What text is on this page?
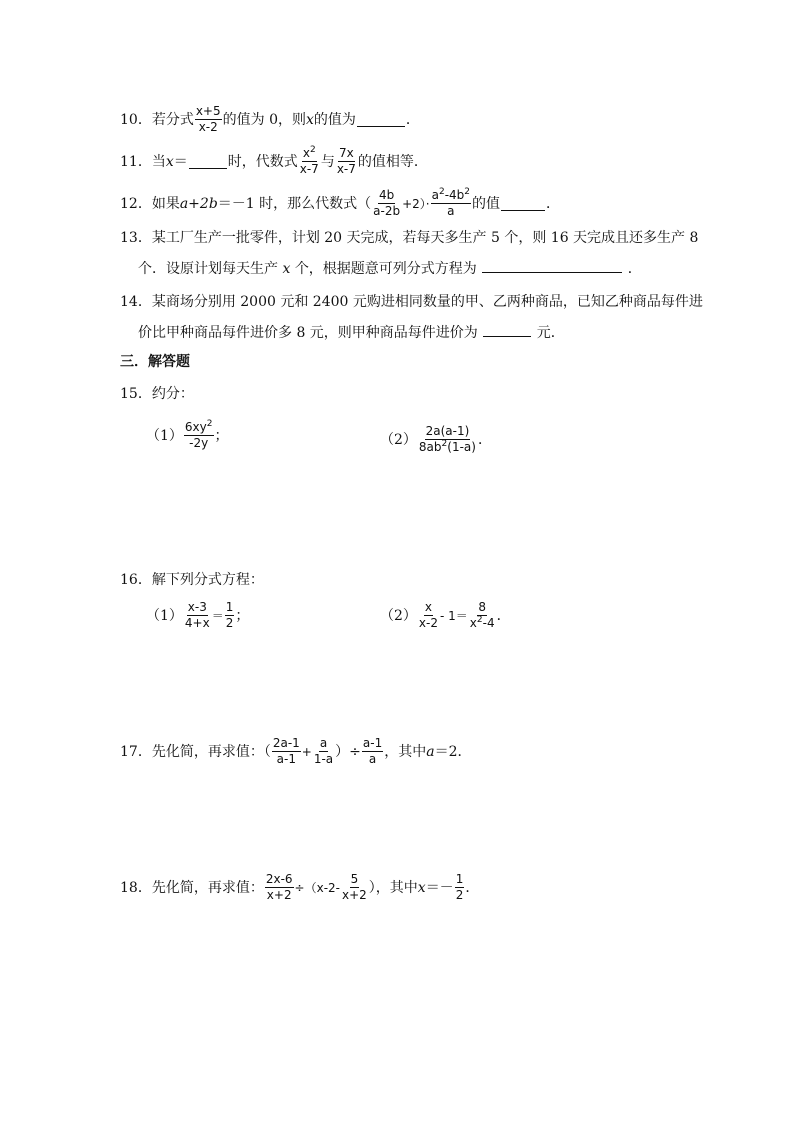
10． 若分式 $\frac{x+5}{x-2}$ 的值为 0，则 x 的值为	．
11． 当 x ＝	时，代数式 $\frac{x^2}{x-7}$ 与 $\frac{7x}{x-7}$ 的值相等．
12． 如果 a+2b ＝－1 时，那么代数式（ $\frac{4b}{a-2b} +2)\cdot \frac{a^2-4b^2}{a}$ 的值	．
13．某工厂生产一批零件，计划 20 天完成，若每天多生产 5 个，则 16 天完成且还多生产 8
个．设原计划每天生产 x 个，根据题意可列分式方程为	．
14．某商场分别用 2000 元和 2400 元购进相同数量的甲、乙两种商品，已知乙种商品每件进
价比甲种商品每件进价多 8 元，则甲种商品每件进价为	元．
三．解答题
15．约分：
$(1) \frac{6xy^2}{-2y}$ ；	$(2) \frac{2a(a-1)}{8ab^2(1-a)}$ ．
16．解下列分式方程：
$(1) \frac{x-3}{4+x} = \frac{1}{2}$ ；	$(2) \frac{x}{x-2} - 1= \frac{8}{x^2-4}$ ．
17．先化简，再求值：（ $\frac{2a-1}{a-1} + \frac{a}{1-a}$ ）÷ $\frac{a-1}{a}$ ，其中 a ＝2．
18．先化简，再求值： $\frac{2x-6}{x+2} \div(x-2- \frac{5}{x+2}$ ），其中 $x =- \frac{1}{2}$ ．
